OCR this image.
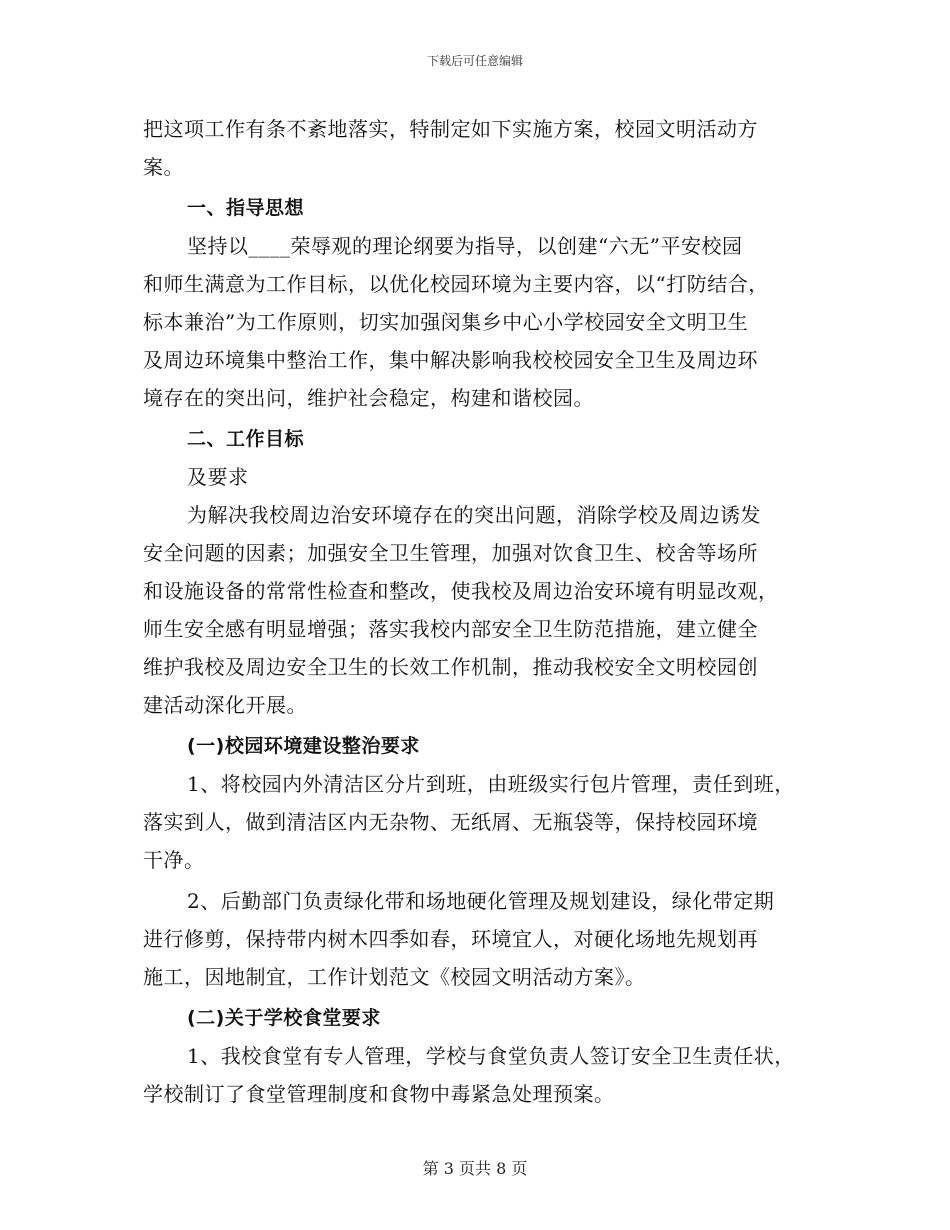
下载后可任意编辑
把这项工作有条不紊地落实，特制定如下实施方案，校园文明活动方
案。
一、指导思想
坚持以____荣辱观的理论纲要为指导，以创建“六无”平安校园
和师生满意为工作目标，以优化校园环境为主要内容，以“打防结合，
标本兼治”为工作原则，切实加强闵集乡中心小学校园安全文明卫生
及周边环境集中整治工作，集中解决影响我校校园安全卫生及周边环
境存在的突出问，维护社会稳定，构建和谐校园。
二、工作目标
及要求
为解决我校周边治安环境存在的突出问题，消除学校及周边诱发
安全问题的因素；加强安全卫生管理，加强对饮食卫生、校舍等场所
和设施设备的常常性检查和整改，使我校及周边治安环境有明显改观，
师生安全感有明显增强；落实我校内部安全卫生防范措施，建立健全
维护我校及周边安全卫生的长效工作机制，推动我校安全文明校园创
建活动深化开展。
(一)校园环境建设整治要求
1、将校园内外清洁区分片到班，由班级实行包片管理，责任到班，
落实到人，做到清洁区内无杂物、无纸屑、无瓶袋等，保持校园环境
干净。
2、后勤部门负责绿化带和场地硬化管理及规划建设，绿化带定期
进行修剪，保持带内树木四季如春，环境宜人，对硬化场地先规划再
施工，因地制宜，工作计划范文《校园文明活动方案》。
(二)关于学校食堂要求
1、我校食堂有专人管理，学校与食堂负责人签订安全卫生责任状，
学校制订了食堂管理制度和食物中毒紧急处理预案。
第 3 页共 8 页
